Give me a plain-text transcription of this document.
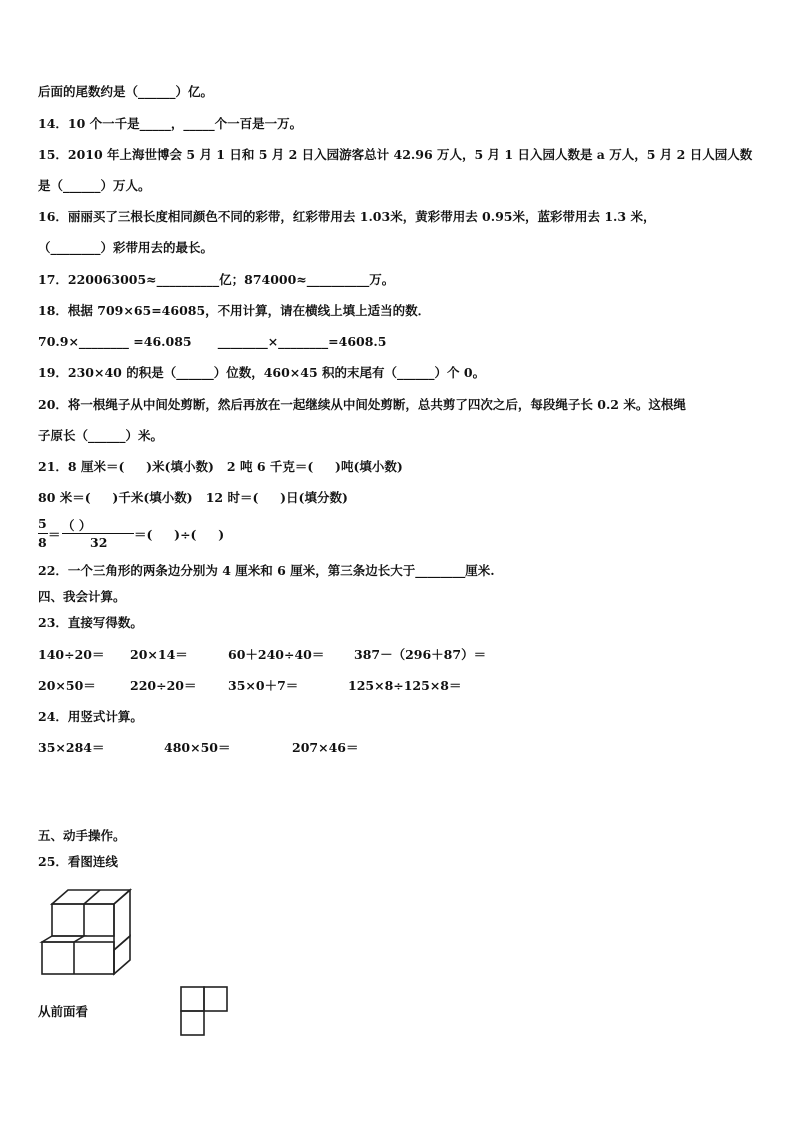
后面的尾数约是（______）亿。
14．10 个一千是_____，_____个一百是一万。
15．2010 年上海世博会 5 月 1 日和 5 月 2 日入园游客总计 42.96 万人，5 月 1 日入园人数是 a 万人，5 月 2 日人园人数
是（______）万人。
16．丽丽买了三根长度相同颜色不同的彩带，红彩带用去 1.03米，黄彩带用去 0.95米，蓝彩带用去 1.3 米，
（________）彩带用去的最长。
17．220063005≈__________亿；874000≈__________万。
18．根据 709×65=46085，不用计算，请在横线上填上适当的数．
70.9×________ =46.085      ________×________=4608.5
19．230×40 的积是（______）位数，460×45 积的末尾有（______）个 0。
20．将一根绳子从中间处剪断，然后再放在一起继续从中间处剪断，总共剪了四次之后，每段绳子长 0.2 米。这根绳
子原长（______）米。
21．8 厘米＝(     )米(填小数)   2 吨 6 千克＝(     )吨(填小数)
80 米＝(     )千米(填小数)   12 时＝(     )日(填分数)
5
8
＝
（ ）
32
＝(     )÷(     )
22．一个三角形的两条边分别为 4 厘米和 6 厘米，第三条边长大于________厘米.
四、我会计算。
23．直接写得数。
140÷20＝ 20×14＝	60＋240÷40＝ 387－（296＋87）＝
20×50＝	220÷20＝	35×0＋7＝	125×8÷125×8＝
24．用竖式计算。
35×284＝	480×50＝	207×46＝
五、动手操作。
25．看图连线
从前面看
